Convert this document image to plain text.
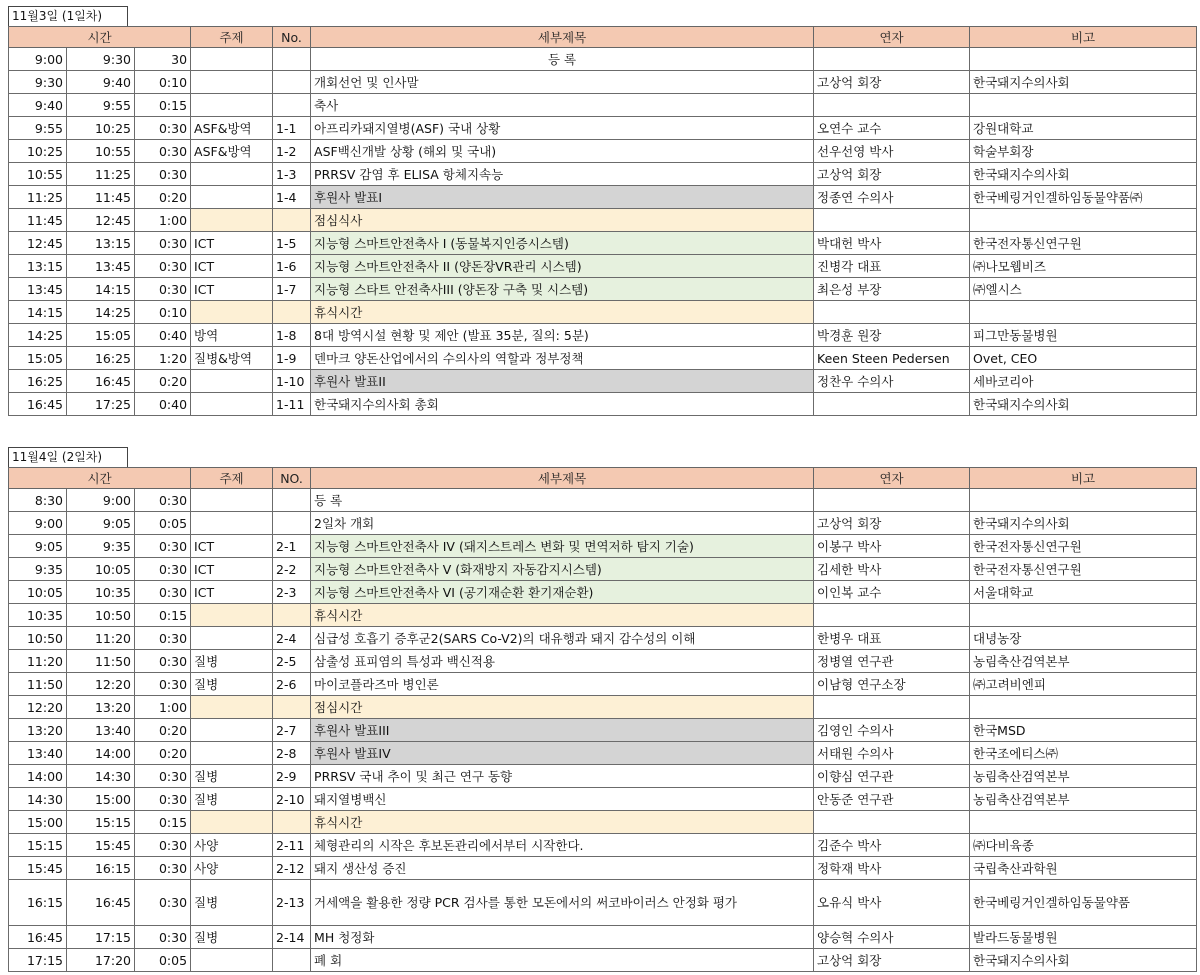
11월3일 (1일차)
시간			주제	No.	세부제목	연자	비고
9:00	9:30	30			등 록		
9:30	9:40	0:10			개회선언 및 인사말	고상억 회장	한국돼지수의사회
9:40	9:55	0:15			축사		
9:55	10:25	0:30	ASF&방역	1-1	아프리카돼지열병(ASF) 국내 상황	오연수 교수	강원대학교
10:25	10:55	0:30	ASF&방역	1-2	ASF백신개발 상황 (해외 및 국내)	선우선영 박사	학술부회장
10:55	11:25	0:30		1-3	PRRSV 감염 후 ELISA 항체지속능	고상억 회장	한국돼지수의사회
11:25	11:45	0:20		1-4	후원사 발표I	정종연 수의사	한국베링거인겔하임동물약품㈜
11:45	12:45	1:00			점심식사		
12:45	13:15	0:30	ICT	1-5	지능형 스마트안전축사 I (동물복지인증시스템)	박대헌 박사	한국전자통신연구원
13:15	13:45	0:30	ICT	1-6	지능형 스마트안전축사 II (양돈장VR관리 시스템)	진병각 대표	㈜나모웹비즈
13:45	14:15	0:30	ICT	1-7	지능형 스타트 안전축사III (양돈장 구축 및 시스템)	최은성 부장	㈜엘시스
14:15	14:25	0:10			휴식시간		
14:25	15:05	0:40	방역	1-8	8대 방역시설 현황 및 제안 (발표 35분, 질의: 5분)	박경훈 원장	피그만동물병원
15:05	16:25	1:20	질병&방역	1-9	덴마크 양돈산업에서의 수의사의 역할과 정부정책	Keen Steen Pedersen	Ovet, CEO
16:25	16:45	0:20		1-10	후원사 발표II	정찬우 수의사	세바코리아
16:45	17:25	0:40		1-11	한국돼지수의사회 총회		한국돼지수의사회
11월4일 (2일차)
시간			주제	NO.	세부제목	연자	비고
8:30	9:00	0:30			등 록		
9:00	9:05	0:05			2일차 개회	고상억 회장	한국돼지수의사회
9:05	9:35	0:30	ICT	2-1	지능형 스마트안전축사 IV (돼지스트레스 변화 및 면역저하 탐지 기술)	이봉구 박사	한국전자통신연구원
9:35	10:05	0:30	ICT	2-2	지능형 스마트안전축사 V (화재방지 자동감지시스템)	김세한 박사	한국전자통신연구원
10:05	10:35	0:30	ICT	2-3	지능형 스마트안전축사 VI (공기재순환 환기재순환)	이인복 교수	서울대학교
10:35	10:50	0:15			휴식시간		
10:50	11:20	0:30		2-4	심급성 호흡기 증후군2(SARS Co-V2)의 대유행과 돼지 감수성의 이해	한병우 대표	대녕농장
11:20	11:50	0:30	질병	2-5	삼출성 표피염의 특성과 백신적용	정병열 연구관	농림축산검역본부
11:50	12:20	0:30	질병	2-6	마이코플라즈마 병인론	이남형 연구소장	㈜고려비엔피
12:20	13:20	1:00			점심시간		
13:20	13:40	0:20		2-7	후원사 발표III	김영인 수의사	한국MSD
13:40	14:00	0:20		2-8	후원사 발표IV	서태원 수의사	한국조에티스㈜
14:00	14:30	0:30	질병	2-9	PRRSV 국내 추이 및 최근 연구 동향	이향심 연구관	농림축산검역본부
14:30	15:00	0:30	질병	2-10	돼지열병백신	안동준 연구관	농림축산검역본부
15:00	15:15	0:15			휴식시간		
15:15	15:45	0:30	사양	2-11	체형관리의 시작은 후보돈관리에서부터 시작한다.	김준수 박사	㈜다비육종
15:45	16:15	0:30	사양	2-12	돼지 생산성 증진	정학재 박사	국립축산과학원
16:15	16:45	0:30	질병	2-13	거세액을 활용한 정량 PCR 검사를 통한 모돈에서의 써코바이러스 안정화 평가	오유식 박사	한국베링거인겔하임동물약품
16:45	17:15	0:30	질병	2-14	MH 청정화	양승혁 수의사	발라드동물병원
17:15	17:20	0:05			폐 회	고상억 회장	한국돼지수의사회
